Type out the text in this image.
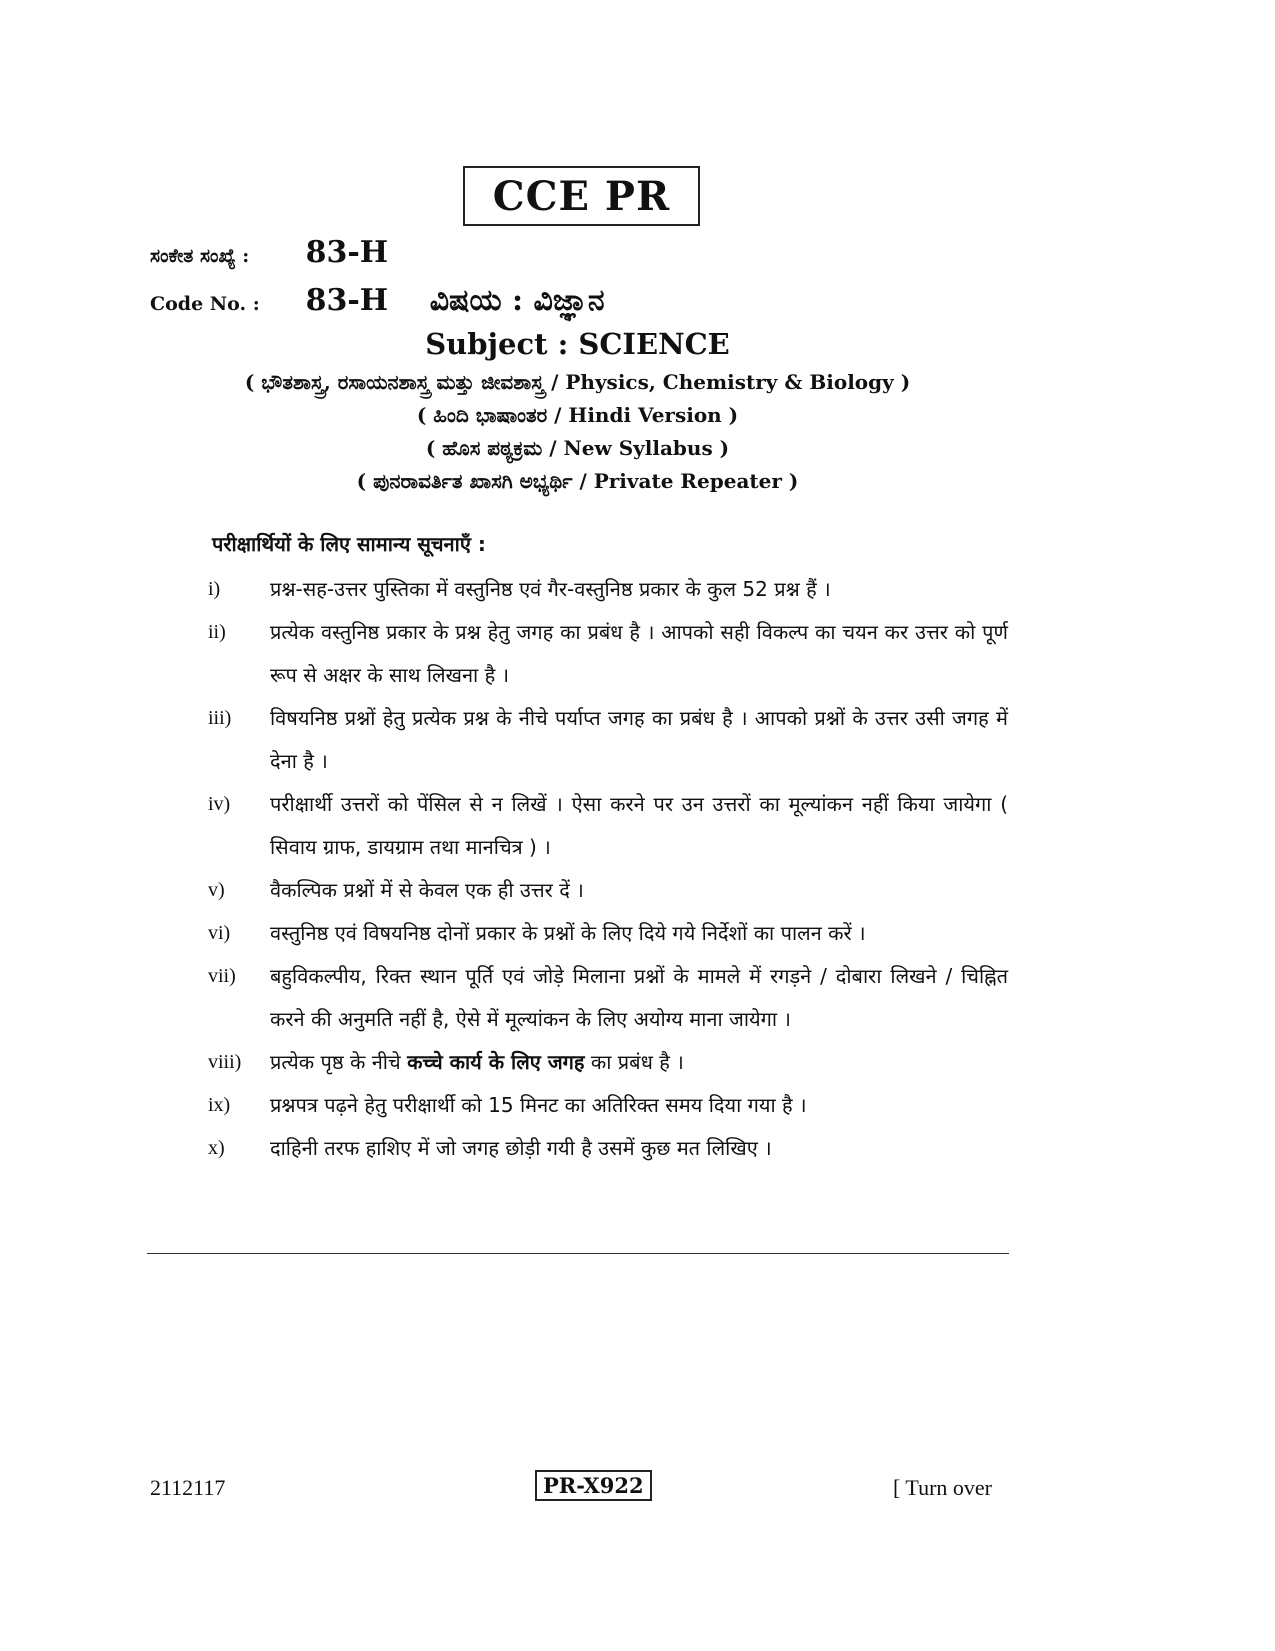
CCE PR
ಸಂಕೇತ ಸಂಖ್ಯೆ : 83-H
Code No. : 83-H ವಿಷಯ : ವಿಜ್ಞಾನ
Subject : SCIENCE
( ಭೌತಶಾಸ್ತ್ರ, ರಸಾಯನಶಾಸ್ತ್ರ ಮತ್ತು ಜೀವಶಾಸ್ತ್ರ / Physics, Chemistry & Biology )
( ಹಿಂದಿ ಭಾಷಾಂತರ / Hindi Version )
( ಹೊಸ ಪಠ್ಯಕ್ರಮ / New Syllabus )
( ಪುನರಾವರ್ತಿತ ಖಾಸಗಿ ಅಭ್ಯರ್ಥಿ / Private Repeater )
परीक्षार्थियों के लिए सामान्य सूचनाएँ :
i)	प्रश्न-सह-उत्तर पुस्तिका में वस्तुनिष्ठ एवं गैर-वस्तुनिष्ठ प्रकार के कुल 52 प्रश्न हैं ।
ii)	प्रत्येक वस्तुनिष्ठ प्रकार के प्रश्न हेतु जगह का प्रबंध है । आपको सही विकल्प का चयन कर उत्तर को पूर्ण रूप से अक्षर के साथ लिखना है ।
iii)	विषयनिष्ठ प्रश्नों हेतु प्रत्येक प्रश्न के नीचे पर्याप्त जगह का प्रबंध है । आपको प्रश्नों के उत्तर उसी जगह में देना है ।
iv)	परीक्षार्थी उत्तरों को पेंसिल से न लिखें । ऐसा करने पर उन उत्तरों का मूल्यांकन नहीं किया जायेगा ( सिवाय ग्राफ, डायग्राम तथा मानचित्र ) ।
v)	वैकल्पिक प्रश्नों में से केवल एक ही उत्तर दें ।
vi)	वस्तुनिष्ठ एवं विषयनिष्ठ दोनों प्रकार के प्रश्नों के लिए दिये गये निर्देशों का पालन करें ।
vii)	बहुविकल्पीय, रिक्त स्थान पूर्ति एवं जोड़े मिलाना प्रश्नों के मामले में रगड़ने / दोबारा लिखने / चिह्नित करने की अनुमति नहीं है, ऐसे में मूल्यांकन के लिए अयोग्य माना जायेगा ।
viii)	प्रत्येक पृष्ठ के नीचे कच्चे कार्य के लिए जगह का प्रबंध है ।
ix)	प्रश्नपत्र पढ़ने हेतु परीक्षार्थी को 15 मिनट का अतिरिक्त समय दिया गया है ।
x)	दाहिनी तरफ हाशिए में जो जगह छोड़ी गयी है उसमें कुछ मत लिखिए ।
2112117	PR-X922	[ Turn over
